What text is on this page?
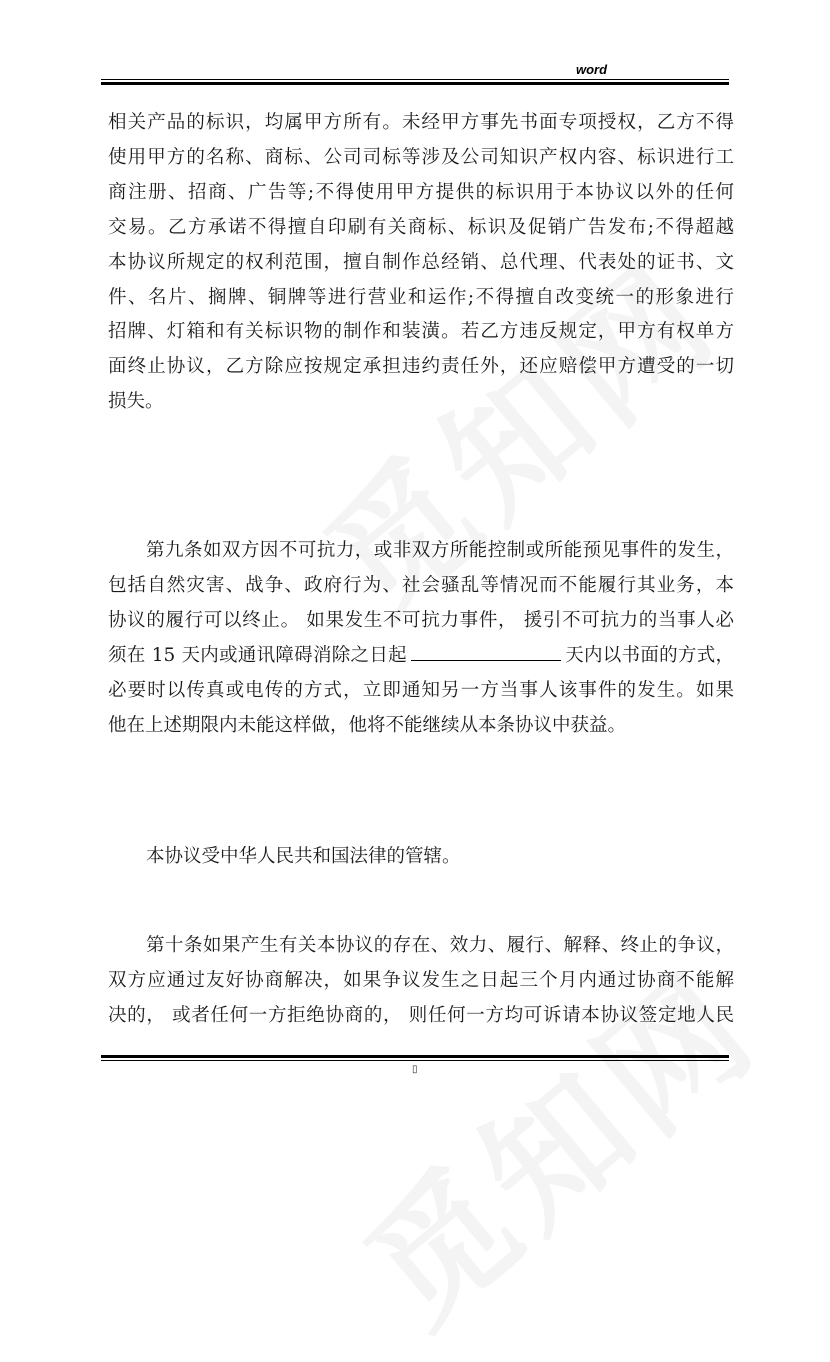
word
相关产品的标识，均属甲方所有。未经甲方事先书面专项授权，乙方不得
使用甲方的名称、商标、公司司标等涉及公司知识产权内容、标识进行工
商注册、招商、广告等;不得使用甲方提供的标识用于本协议以外的任何
交易。乙方承诺不得擅自印刷有关商标、标识及促销广告发布;不得超越
本协议所规定的权利范围，擅自制作总经销、总代理、代表处的证书、文
件、名片、搁牌、铜牌等进行营业和运作;不得擅自改变统一的形象进行
招牌、灯箱和有关标识物的制作和装潢。若乙方违反规定，甲方有权单方
面终止协议，乙方除应按规定承担违约责任外，还应赔偿甲方遭受的一切
损失。
第九条如双方因不可抗力，或非双方所能控制或所能预见事件的发生，
包括自然灾害、战争、政府行为、社会骚乱等情况而不能履行其业务，本
协议的履行可以终止。 如果发生不可抗力事件， 援引不可抗力的当事人必
须在 15 天内或通讯障碍消除之日起	天内以书面的方式，
必要时以传真或电传的方式，立即通知另一方当事人该事件的发生。如果
他在上述期限内未能这样做，他将不能继续从本条协议中获益。
本协议受中华人民共和国法律的管辖。
第十条如果产生有关本协议的存在、效力、履行、解释、终止的争议，
双方应通过友好协商解决，如果争议发生之日起三个月内通过协商不能解
决的， 或者任何一方拒绝协商的， 则任何一方均可诉请本协议签定地人民
▯
